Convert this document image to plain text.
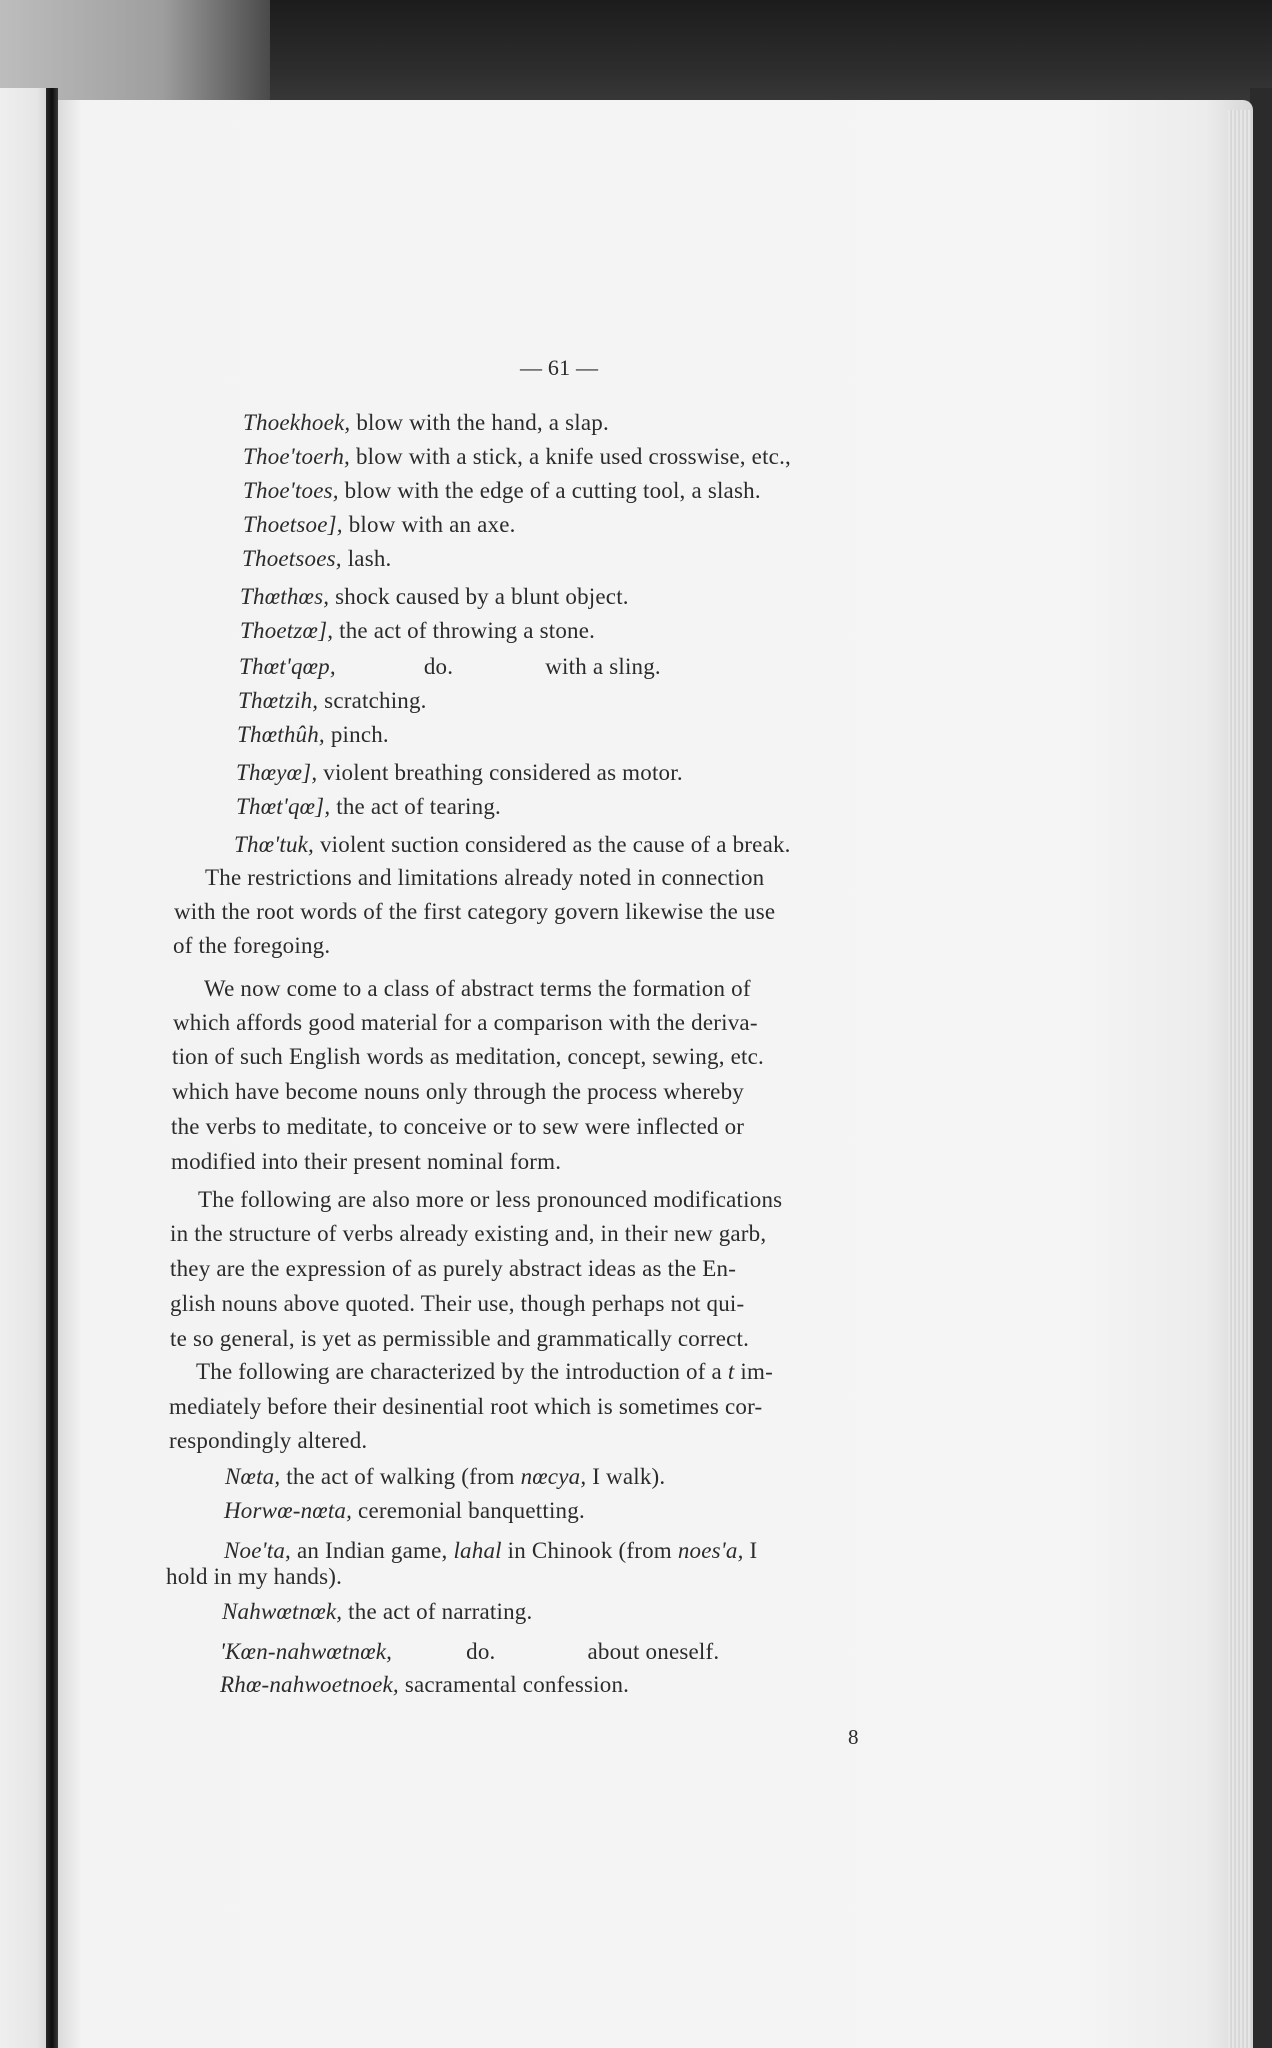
— 61 —
Thoekhoek, blow with the hand, a slap.
Thoe'toerh, blow with a stick, a knife used crosswise, etc.,
Thoe'toes, blow with the edge of a cutting tool, a slash.
Thoetsoe], blow with an axe.
Thoetsoes, lash.
Thœthœs, shock caused by a blunt object.
Thoetzœ], the act of throwing a stone.
Thœt'qœp,	do.	with a sling.
Thœtzih, scratching.
Thœthûh, pinch.
Thœyœ], violent breathing considered as motor.
Thœt'qœ], the act of tearing.
Thœ'tuk, violent suction considered as the cause of a break.
The restrictions and limitations already noted in connection
with the root words of the first category govern likewise the use
of the foregoing.
We now come to a class of abstract terms the formation of
which affords good material for a comparison with the deriva-
tion of such English words as meditation, concept, sewing, etc.
which have become nouns only through the process whereby
the verbs to meditate, to conceive or to sew were inflected or
modified into their present nominal form.
The following are also more or less pronounced modifications
in the structure of verbs already existing and, in their new garb,
they are the expression of as purely abstract ideas as the En-
glish nouns above quoted. Their use, though perhaps not qui-
te so general, is yet as permissible and grammatically correct.
The following are characterized by the introduction of a t im-
mediately before their desinential root which is sometimes cor-
respondingly altered.
Nœta, the act of walking (from nœcya, I walk).
Horwœ-nœta, ceremonial banquetting.
Noe'ta, an Indian game, lahal in Chinook (from noes'a, I
hold in my hands).
Nahwœtnœk, the act of narrating.
'Kœn-nahwœtnœk,	do.	about oneself.
Rhœ-nahwoetnoek, sacramental confession.
8
